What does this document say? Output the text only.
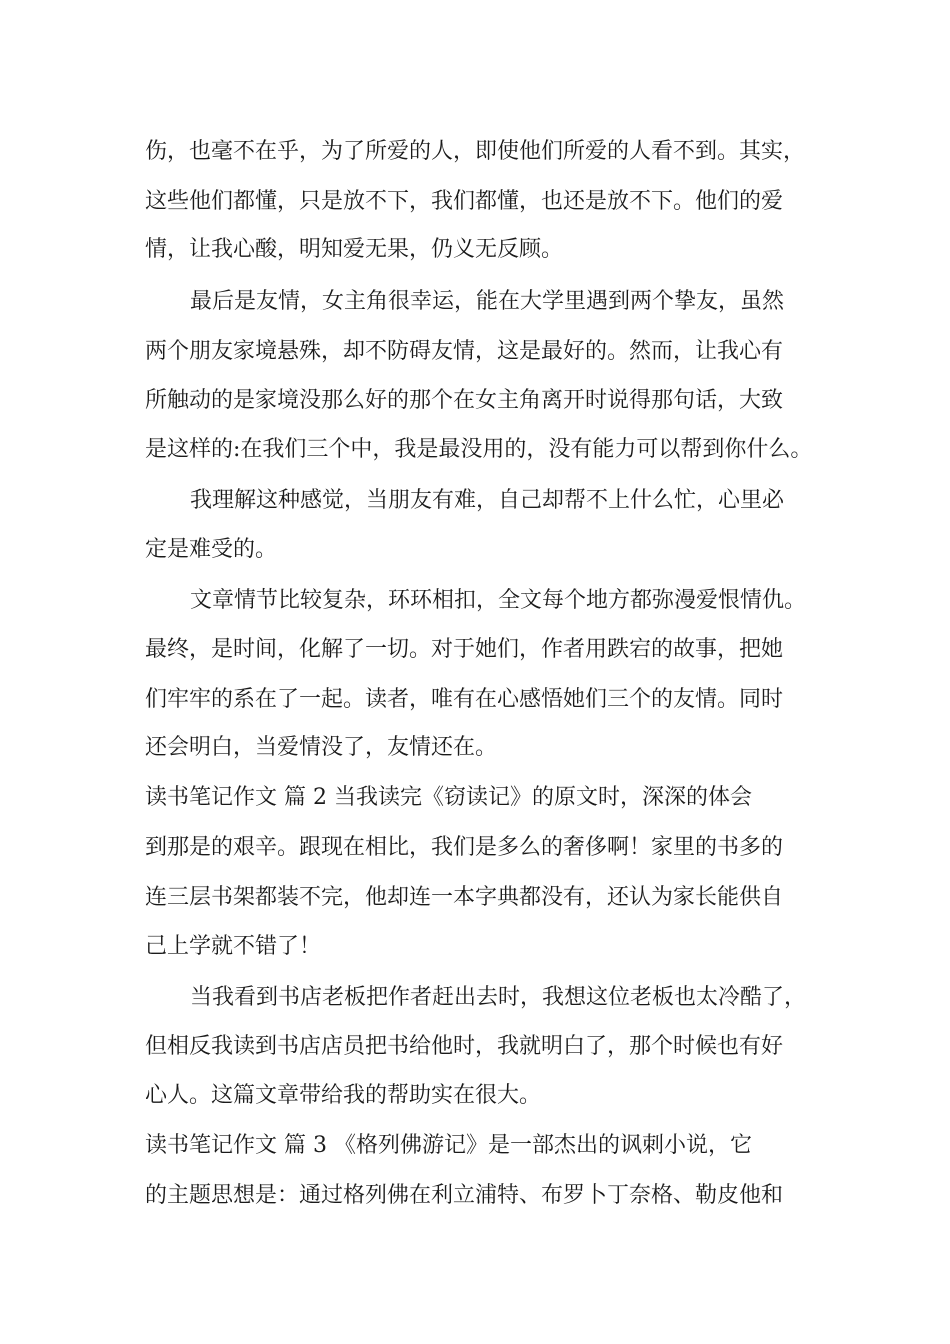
伤，也毫不在乎，为了所爱的人，即使他们所爱的人看不到。其实，
这些他们都懂，只是放不下，我们都懂，也还是放不下。他们的爱
情，让我心酸，明知爱无果，仍义无反顾。
最后是友情，女主角很幸运，能在大学里遇到两个挚友，虽然
两个朋友家境悬殊，却不防碍友情，这是最好的。然而，让我心有
所触动的是家境没那么好的那个在女主角离开时说得那句话，大致
是这样的:在我们三个中，我是最没用的，没有能力可以帮到你什么。
我理解这种感觉，当朋友有难，自己却帮不上什么忙，心里必
定是难受的。
文章情节比较复杂，环环相扣，全文每个地方都弥漫爱恨情仇。
最终，是时间，化解了一切。对于她们，作者用跌宕的故事，把她
们牢牢的系在了一起。读者，唯有在心感悟她们三个的友情。同时
还会明白，当爱情没了，友情还在。
读书笔记作文 篇 2 当我读完《窃读记》的原文时，深深的体会
到那是的艰辛。跟现在相比，我们是多么的奢侈啊！家里的书多的
连三层书架都装不完，他却连一本字典都没有，还认为家长能供自
己上学就不错了！
当我看到书店老板把作者赶出去时，我想这位老板也太冷酷了，
但相反我读到书店店员把书给他时，我就明白了，那个时候也有好
心人。这篇文章带给我的帮助实在很大。
读书笔记作文 篇 3 《格列佛游记》是一部杰出的讽刺小说，它
的主题思想是：通过格列佛在利立浦特、布罗卜丁奈格、勒皮他和
